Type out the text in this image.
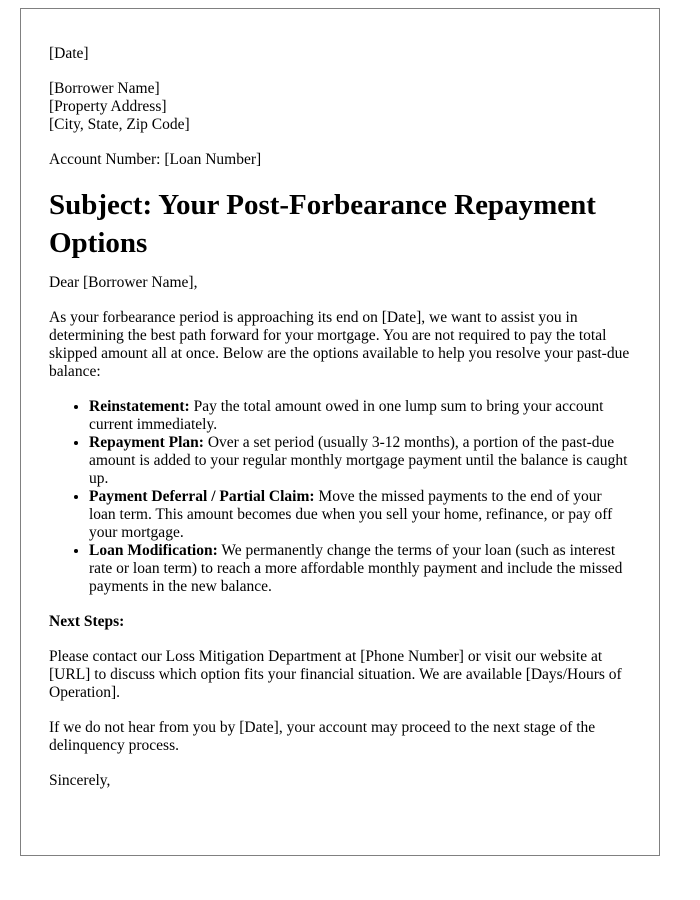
[Date]
[Borrower Name]
[Property Address]
[City, State, Zip Code]
Account Number: [Loan Number]
Subject: Your Post-Forbearance Repayment Options

Dear [Borrower Name],

As your forbearance period is approaching its end on [Date], we want to assist you in determining the best path forward for your mortgage. You are not required to pay the total skipped amount all at once. Below are the options available to help you resolve your past-due balance:

• Reinstatement: Pay the total amount owed in one lump sum to bring your account current immediately.
• Repayment Plan: Over a set period (usually 3-12 months), a portion of the past-due amount is added to your regular monthly mortgage payment until the balance is caught up.
• Payment Deferral / Partial Claim: Move the missed payments to the end of your loan term. This amount becomes due when you sell your home, refinance, or pay off your mortgage.
• Loan Modification: We permanently change the terms of your loan (such as interest rate or loan term) to reach a more affordable monthly payment and include the missed payments in the new balance.

Next Steps:

Please contact our Loss Mitigation Department at [Phone Number] or visit our website at [URL] to discuss which option fits your financial situation. We are available [Days/Hours of Operation].

If we do not hear from you by [Date], your account may proceed to the next stage of the delinquency process.

Sincerely,
